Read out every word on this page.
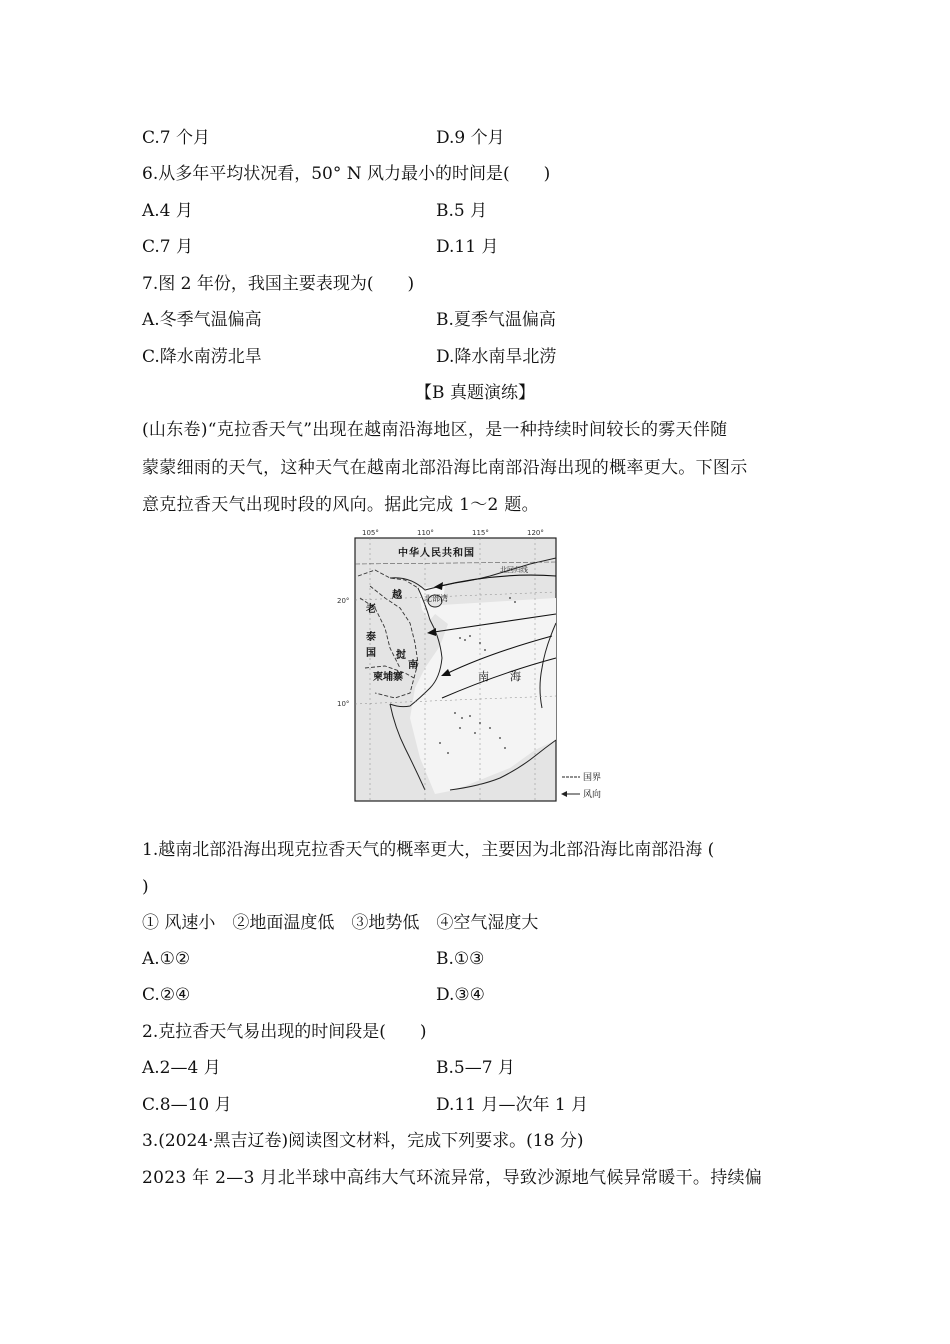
C.7 个月	D.9 个月
6.从多年平均状况看，50° N 风力最小的时间是(　　)
A.4 月	B.5 月
C.7 月	D.11 月
7.图 2 年份，我国主要表现为(　　)
A.冬季气温偏高	B.夏季气温偏高
C.降水南涝北旱	D.降水南旱北涝
【B 真题演练】
(山东卷)“克拉香天气”出现在越南沿海地区，是一种持续时间较长的雾天伴随
蒙蒙细雨的天气，这种天气在越南北部沿海比南部沿海出现的概率更大。下图示
意克拉香天气出现时段的风向。据此完成 1～2 题。
105°	110°	115°	120°
20°
10°
中华人民共和国
北回归线
北部湾
越
老
泰
国 挝
南
柬埔寨	南 海
国界
风向
1.越南北部沿海出现克拉香天气的概率更大，主要因为北部沿海比南部沿海 (
)
① 风速小　②地面温度低　③地势低　④空气湿度大
A.①②	B.①③
C.②④	D.③④
2.克拉香天气易出现的时间段是(　　)
A.2—4 月	B.5—7 月
C.8—10 月	D.11 月—次年 1 月
3.(2024·黑吉辽卷)阅读图文材料，完成下列要求。(18 分)
2023 年 2—3 月北半球中高纬大气环流异常，导致沙源地气候异常暖干。持续偏
